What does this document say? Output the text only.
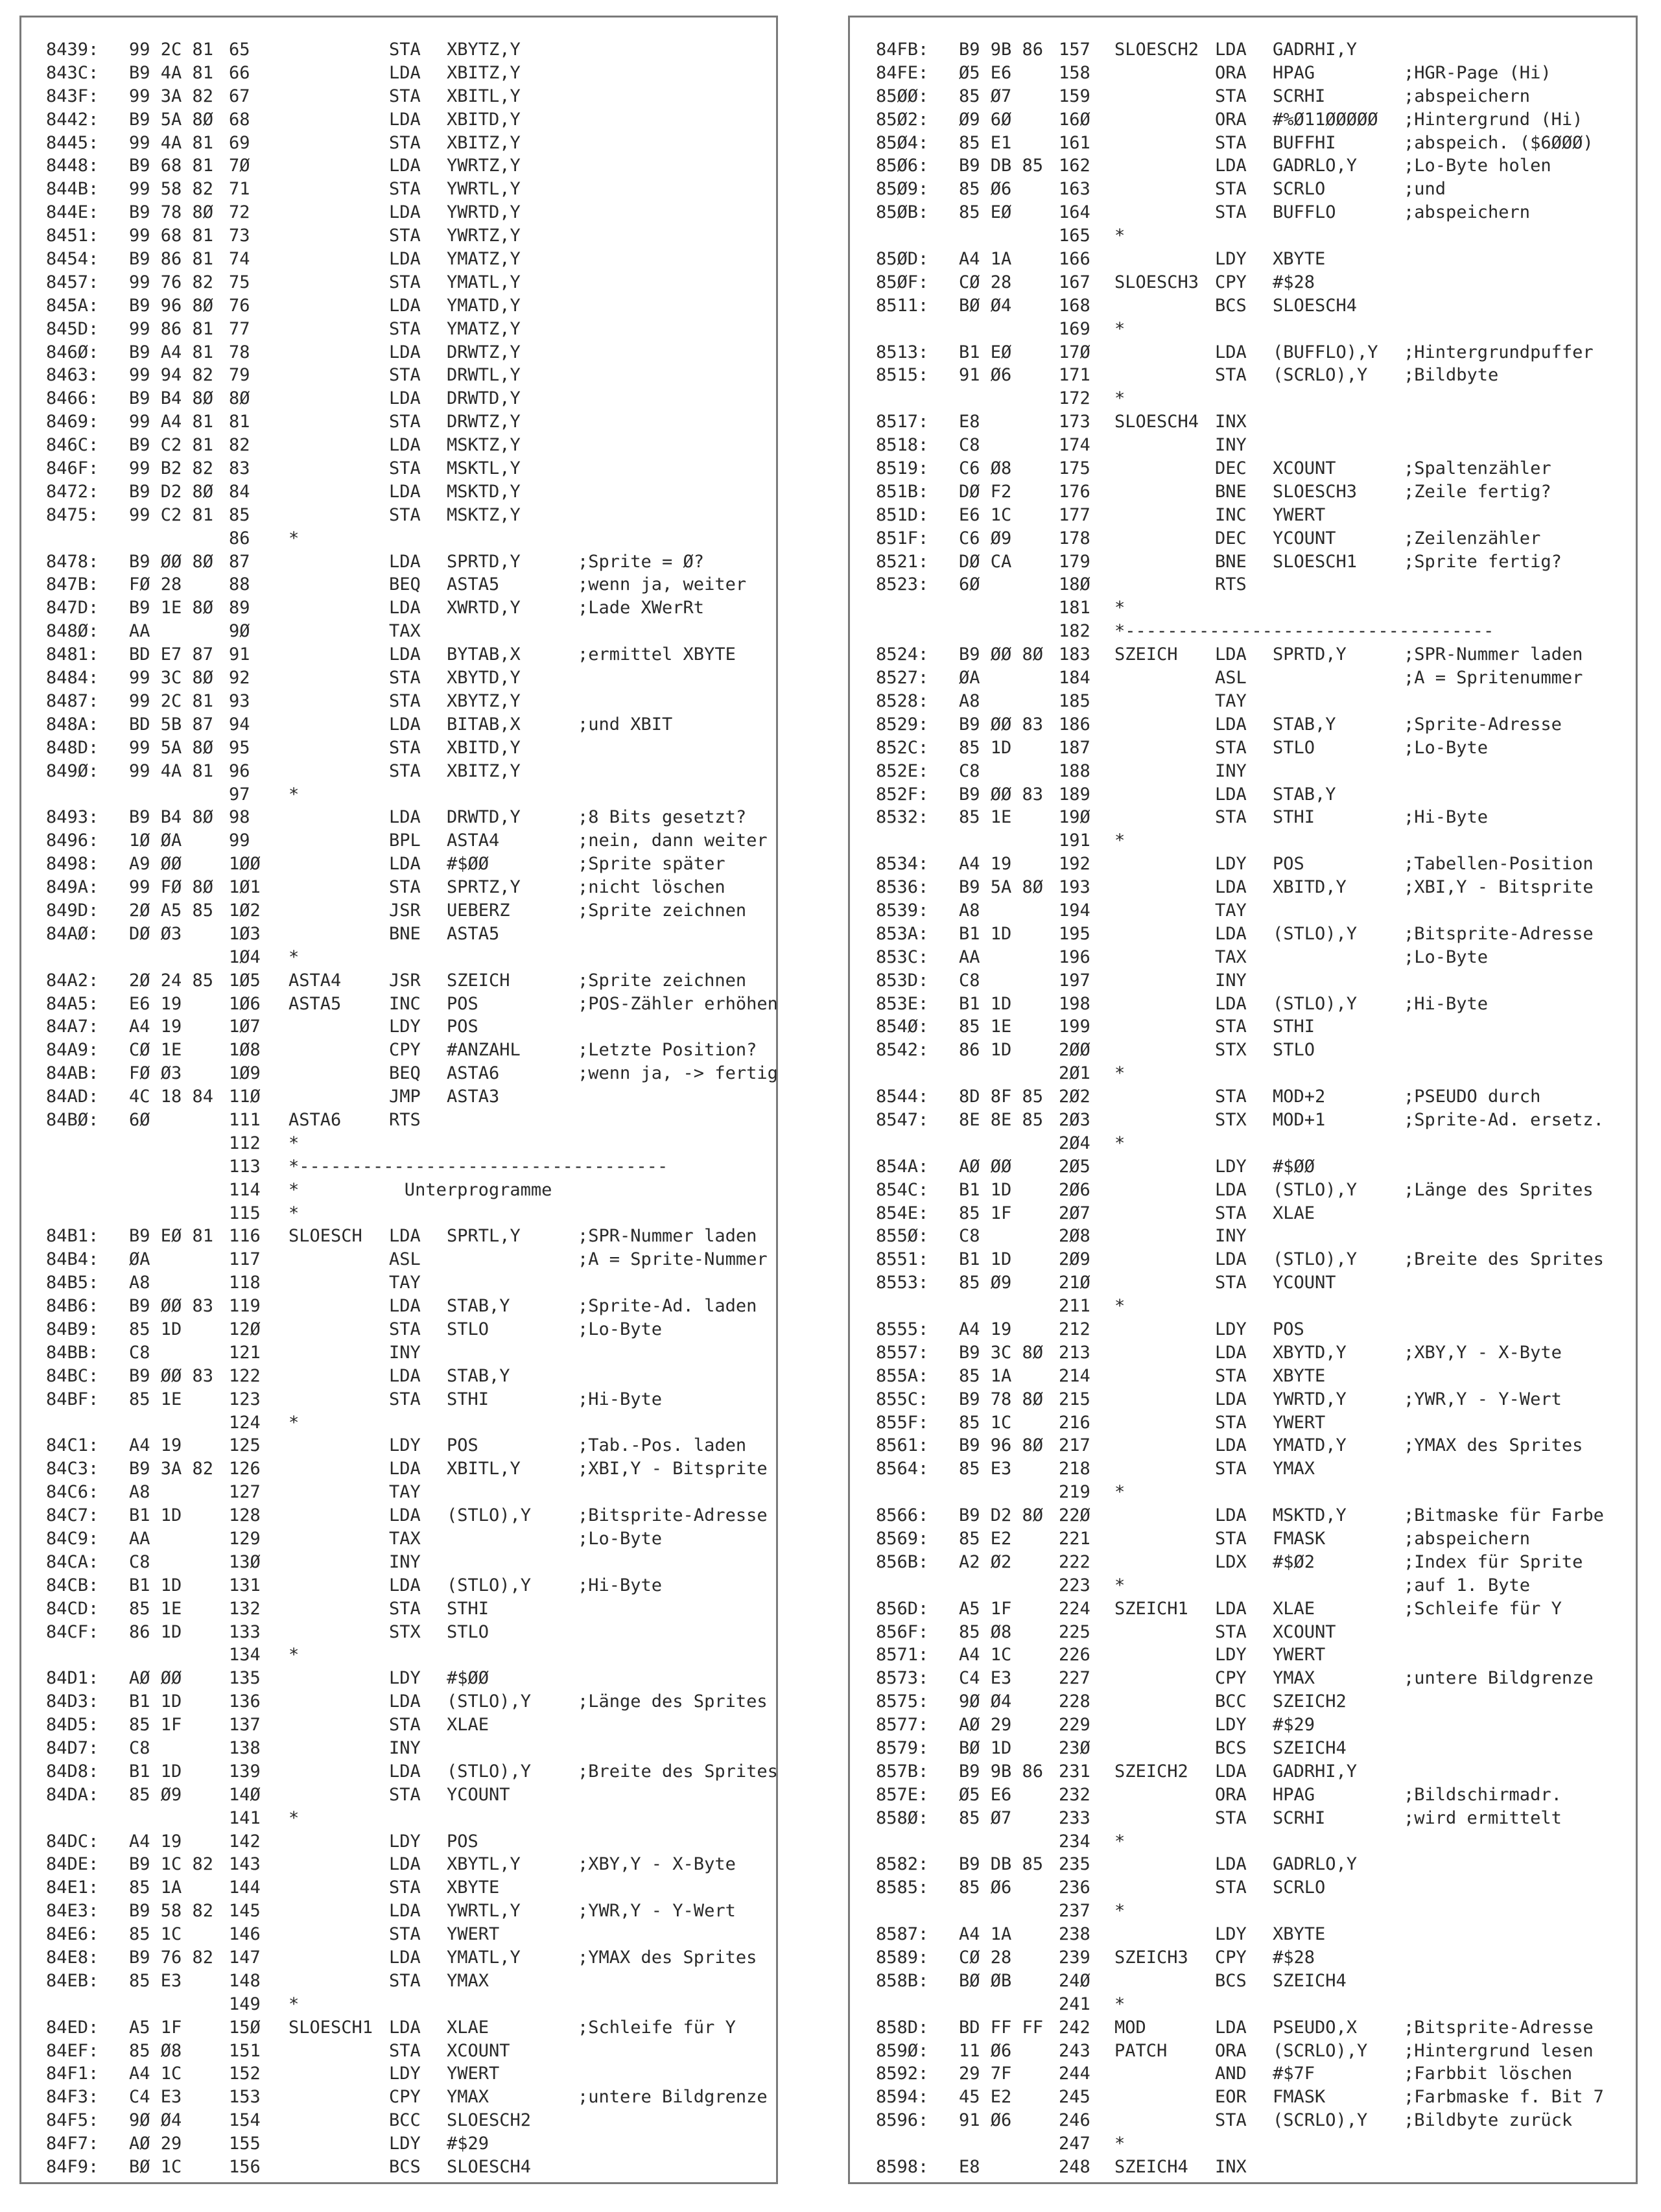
8439: 99 2C 81 65	STA XBYTZ,Y
843C: B9 4A 81 66	LDA XBITZ,Y
843F: 99 3A 82 67	STA XBITL,Y
8442: B9 5A 8Ø 68	LDA XBITD,Y
8445: 99 4A 81 69	STA XBITZ,Y
8448: B9 68 81 7Ø	LDA YWRTZ,Y
844B: 99 58 82 71	STA YWRTL,Y
844E: B9 78 8Ø 72	LDA YWRTD,Y
8451: 99 68 81 73	STA YWRTZ,Y
8454: B9 86 81 74	LDA YMATZ,Y
8457: 99 76 82 75	STA YMATL,Y
845A: B9 96 8Ø 76	LDA YMATD,Y
845D: 99 86 81 77	STA YMATZ,Y
846Ø: B9 A4 81 78	LDA DRWTZ,Y
8463: 99 94 82 79	STA DRWTL,Y
8466: B9 B4 8Ø 8Ø	LDA DRWTD,Y
8469: 99 A4 81 81	STA DRWTZ,Y
846C: B9 C2 81 82	LDA MSKTZ,Y
846F: 99 B2 82 83	STA MSKTL,Y
8472: B9 D2 8Ø 84	LDA MSKTD,Y
8475: 99 C2 81 85	STA MSKTZ,Y
86 *
8478: B9 ØØ 8Ø 87	LDA SPRTD,Y	;Sprite = Ø?
847B: FØ 28	88	BEQ ASTA5	;wenn ja, weiter
847D: B9 1E 8Ø 89	LDA XWRTD,Y	;Lade XWerRt
848Ø: AA	9Ø	TAX
8481: BD E7 87 91	LDA BYTAB,X	;ermittel XBYTE
8484: 99 3C 8Ø 92	STA XBYTD,Y
8487: 99 2C 81 93	STA XBYTZ,Y
848A: BD 5B 87 94	LDA BITAB,X	;und XBIT
848D: 99 5A 8Ø 95	STA XBITD,Y
849Ø: 99 4A 81 96	STA XBITZ,Y
97 *
8493: B9 B4 8Ø 98	LDA DRWTD,Y	;8 Bits gesetzt?
8496: 1Ø ØA	99	BPL ASTA4	;nein, dann weiter
8498: A9 ØØ	1ØØ	LDA #$ØØ	;Sprite später
849A: 99 FØ 8Ø 1Ø1	STA SPRTZ,Y	;nicht löschen
849D: 2Ø A5 85 1Ø2	JSR UEBERZ	;Sprite zeichnen
84AØ: DØ Ø3	1Ø3	BNE ASTA5
1Ø4 *
84A2: 2Ø 24 85 1Ø5 ASTA4	JSR SZEICH	;Sprite zeichnen
84A5: E6 19	1Ø6 ASTA5	INC POS	;POS-Zähler erhöhen
84A7: A4 19	1Ø7	LDY POS
84A9: CØ 1E	1Ø8	CPY #ANZAHL	;Letzte Position?
84AB: FØ Ø3	1Ø9	BEQ ASTA6	;wenn ja, -> fertig
84AD: 4C 18 84 11Ø	JMP ASTA3
84BØ: 6Ø	111 ASTA6	RTS
112 *
113 *-----------------------------------
114 *          Unterprogramme
115 *
84B1: B9 EØ 81 116 SLOESCH LDA SPRTL,Y	;SPR-Nummer laden
84B4: ØA	117	ASL	;A = Sprite-Nummer
84B5: A8	118	TAY
84B6: B9 ØØ 83 119	LDA STAB,Y	;Sprite-Ad. laden
84B9: 85 1D	12Ø	STA STLO	;Lo-Byte
84BB: C8	121	INY
84BC: B9 ØØ 83 122	LDA STAB,Y
84BF: 85 1E	123	STA STHI	;Hi-Byte
124 *
84C1: A4 19	125	LDY POS	;Tab.-Pos. laden
84C3: B9 3A 82 126	LDA XBITL,Y	;XBI,Y - Bitsprite
84C6: A8	127	TAY
84C7: B1 1D	128	LDA (STLO),Y	;Bitsprite-Adresse
84C9: AA	129	TAX	;Lo-Byte
84CA: C8	13Ø	INY
84CB: B1 1D	131	LDA (STLO),Y	;Hi-Byte
84CD: 85 1E	132	STA STHI
84CF: 86 1D	133	STX STLO
134 *
84D1: AØ ØØ	135	LDY #$ØØ
84D3: B1 1D	136	LDA (STLO),Y	;Länge des Sprites
84D5: 85 1F	137	STA XLAE
84D7: C8	138	INY
84D8: B1 1D	139	LDA (STLO),Y	;Breite des Sprites
84DA: 85 Ø9	14Ø	STA YCOUNT
141 *
84DC: A4 19	142	LDY POS
84DE: B9 1C 82 143	LDA XBYTL,Y	;XBY,Y - X-Byte
84E1: 85 1A	144	STA XBYTE
84E3: B9 58 82 145	LDA YWRTL,Y	;YWR,Y - Y-Wert
84E6: 85 1C	146	STA YWERT
84E8: B9 76 82 147	LDA YMATL,Y	;YMAX des Sprites
84EB: 85 E3	148	STA YMAX
149 *
84ED: A5 1F	15Ø SLOESCH1 LDA XLAE	;Schleife für Y
84EF: 85 Ø8	151	STA XCOUNT
84F1: A4 1C	152	LDY YWERT
84F3: C4 E3	153	CPY YMAX	;untere Bildgrenze
84F5: 9Ø Ø4	154	BCC SLOESCH2
84F7: AØ 29	155	LDY #$29
84F9: BØ 1C	156	BCS SLOESCH4
84FB: B9 9B 86 157 SLOESCH2 LDA GADRHI,Y
84FE: Ø5 E6	158	ORA HPAG	;HGR-Page (Hi)
85ØØ: 85 Ø7	159	STA SCRHI	;abspeichern
85Ø2: Ø9 6Ø	16Ø	ORA #%Ø11ØØØØØ ;Hintergrund (Hi)
85Ø4: 85 E1	161	STA BUFFHI	;abspeich. ($6ØØØ)
85Ø6: B9 DB 85 162	LDA GADRLO,Y	;Lo-Byte holen
85Ø9: 85 Ø6	163	STA SCRLO	;und
85ØB: 85 EØ	164	STA BUFFLO	;abspeichern
165 *
85ØD: A4 1A	166	LDY XBYTE
85ØF: CØ 28	167 SLOESCH3 CPY #$28
8511: BØ Ø4	168	BCS SLOESCH4
169 *
8513: B1 EØ	17Ø	LDA (BUFFLO),Y ;Hintergrundpuffer
8515: 91 Ø6	171	STA (SCRLO),Y ;Bildbyte
172 *
8517: E8	173 SLOESCH4 INX
8518: C8	174	INY
8519: C6 Ø8	175	DEC XCOUNT	;Spaltenzähler
851B: DØ F2	176	BNE SLOESCH3	;Zeile fertig?
851D: E6 1C	177	INC YWERT
851F: C6 Ø9	178	DEC YCOUNT	;Zeilenzähler
8521: DØ CA	179	BNE SLOESCH1	;Sprite fertig?
8523: 6Ø	18Ø	RTS
181 *
182 *-----------------------------------
8524: B9 ØØ 8Ø 183 SZEICH LDA SPRTD,Y	;SPR-Nummer laden
8527: ØA	184	ASL	;A = Spritenummer
8528: A8	185	TAY
8529: B9 ØØ 83 186	LDA STAB,Y	;Sprite-Adresse
852C: 85 1D	187	STA STLO	;Lo-Byte
852E: C8	188	INY
852F: B9 ØØ 83 189	LDA STAB,Y
8532: 85 1E	19Ø	STA STHI	;Hi-Byte
191 *
8534: A4 19	192	LDY POS	;Tabellen-Position
8536: B9 5A 8Ø 193	LDA XBITD,Y	;XBI,Y - Bitsprite
8539: A8	194	TAY
853A: B1 1D	195	LDA (STLO),Y	;Bitsprite-Adresse
853C: AA	196	TAX	;Lo-Byte
853D: C8	197	INY
853E: B1 1D	198	LDA (STLO),Y	;Hi-Byte
854Ø: 85 1E	199	STA STHI
8542: 86 1D	2ØØ	STX STLO
2Ø1 *
8544: 8D 8F 85 2Ø2	STA MOD+2	;PSEUDO durch
8547: 8E 8E 85 2Ø3	STX MOD+1	;Sprite-Ad. ersetz.
2Ø4 *
854A: AØ ØØ	2Ø5	LDY #$ØØ
854C: B1 1D	2Ø6	LDA (STLO),Y	;Länge des Sprites
854E: 85 1F	2Ø7	STA XLAE
855Ø: C8	2Ø8	INY
8551: B1 1D	2Ø9	LDA (STLO),Y	;Breite des Sprites
8553: 85 Ø9	21Ø	STA YCOUNT
211 *
8555: A4 19	212	LDY POS
8557: B9 3C 8Ø 213	LDA XBYTD,Y	;XBY,Y - X-Byte
855A: 85 1A	214	STA XBYTE
855C: B9 78 8Ø 215	LDA YWRTD,Y	;YWR,Y - Y-Wert
855F: 85 1C	216	STA YWERT
8561: B9 96 8Ø 217	LDA YMATD,Y	;YMAX des Sprites
8564: 85 E3	218	STA YMAX
219 *
8566: B9 D2 8Ø 22Ø	LDA MSKTD,Y	;Bitmaske für Farbe
8569: 85 E2	221	STA FMASK	;abspeichern
856B: A2 Ø2	222	LDX #$Ø2	;Index für Sprite
223 *	;auf 1. Byte
856D: A5 1F	224 SZEICH1 LDA XLAE	;Schleife für Y
856F: 85 Ø8	225	STA XCOUNT
8571: A4 1C	226	LDY YWERT
8573: C4 E3	227	CPY YMAX	;untere Bildgrenze
8575: 9Ø Ø4	228	BCC SZEICH2
8577: AØ 29	229	LDY #$29
8579: BØ 1D	23Ø	BCS SZEICH4
857B: B9 9B 86 231 SZEICH2 LDA GADRHI,Y
857E: Ø5 E6	232	ORA HPAG	;Bildschirmadr.
858Ø: 85 Ø7	233	STA SCRHI	;wird ermittelt
234 *
8582: B9 DB 85 235	LDA GADRLO,Y
8585: 85 Ø6	236	STA SCRLO
237 *
8587: A4 1A	238	LDY XBYTE
8589: CØ 28	239 SZEICH3 CPY #$28
858B: BØ ØB	24Ø	BCS SZEICH4
241 *
858D: BD FF FF 242 MOD	LDA PSEUDO,X	;Bitsprite-Adresse
859Ø: 11 Ø6	243 PATCH	ORA (SCRLO),Y ;Hintergrund lesen
8592: 29 7F	244	AND #$7F	;Farbbit löschen
8594: 45 E2	245	EOR FMASK	;Farbmaske f. Bit 7
8596: 91 Ø6	246	STA (SCRLO),Y ;Bildbyte zurück
247 *
8598: E8	248 SZEICH4 INX
